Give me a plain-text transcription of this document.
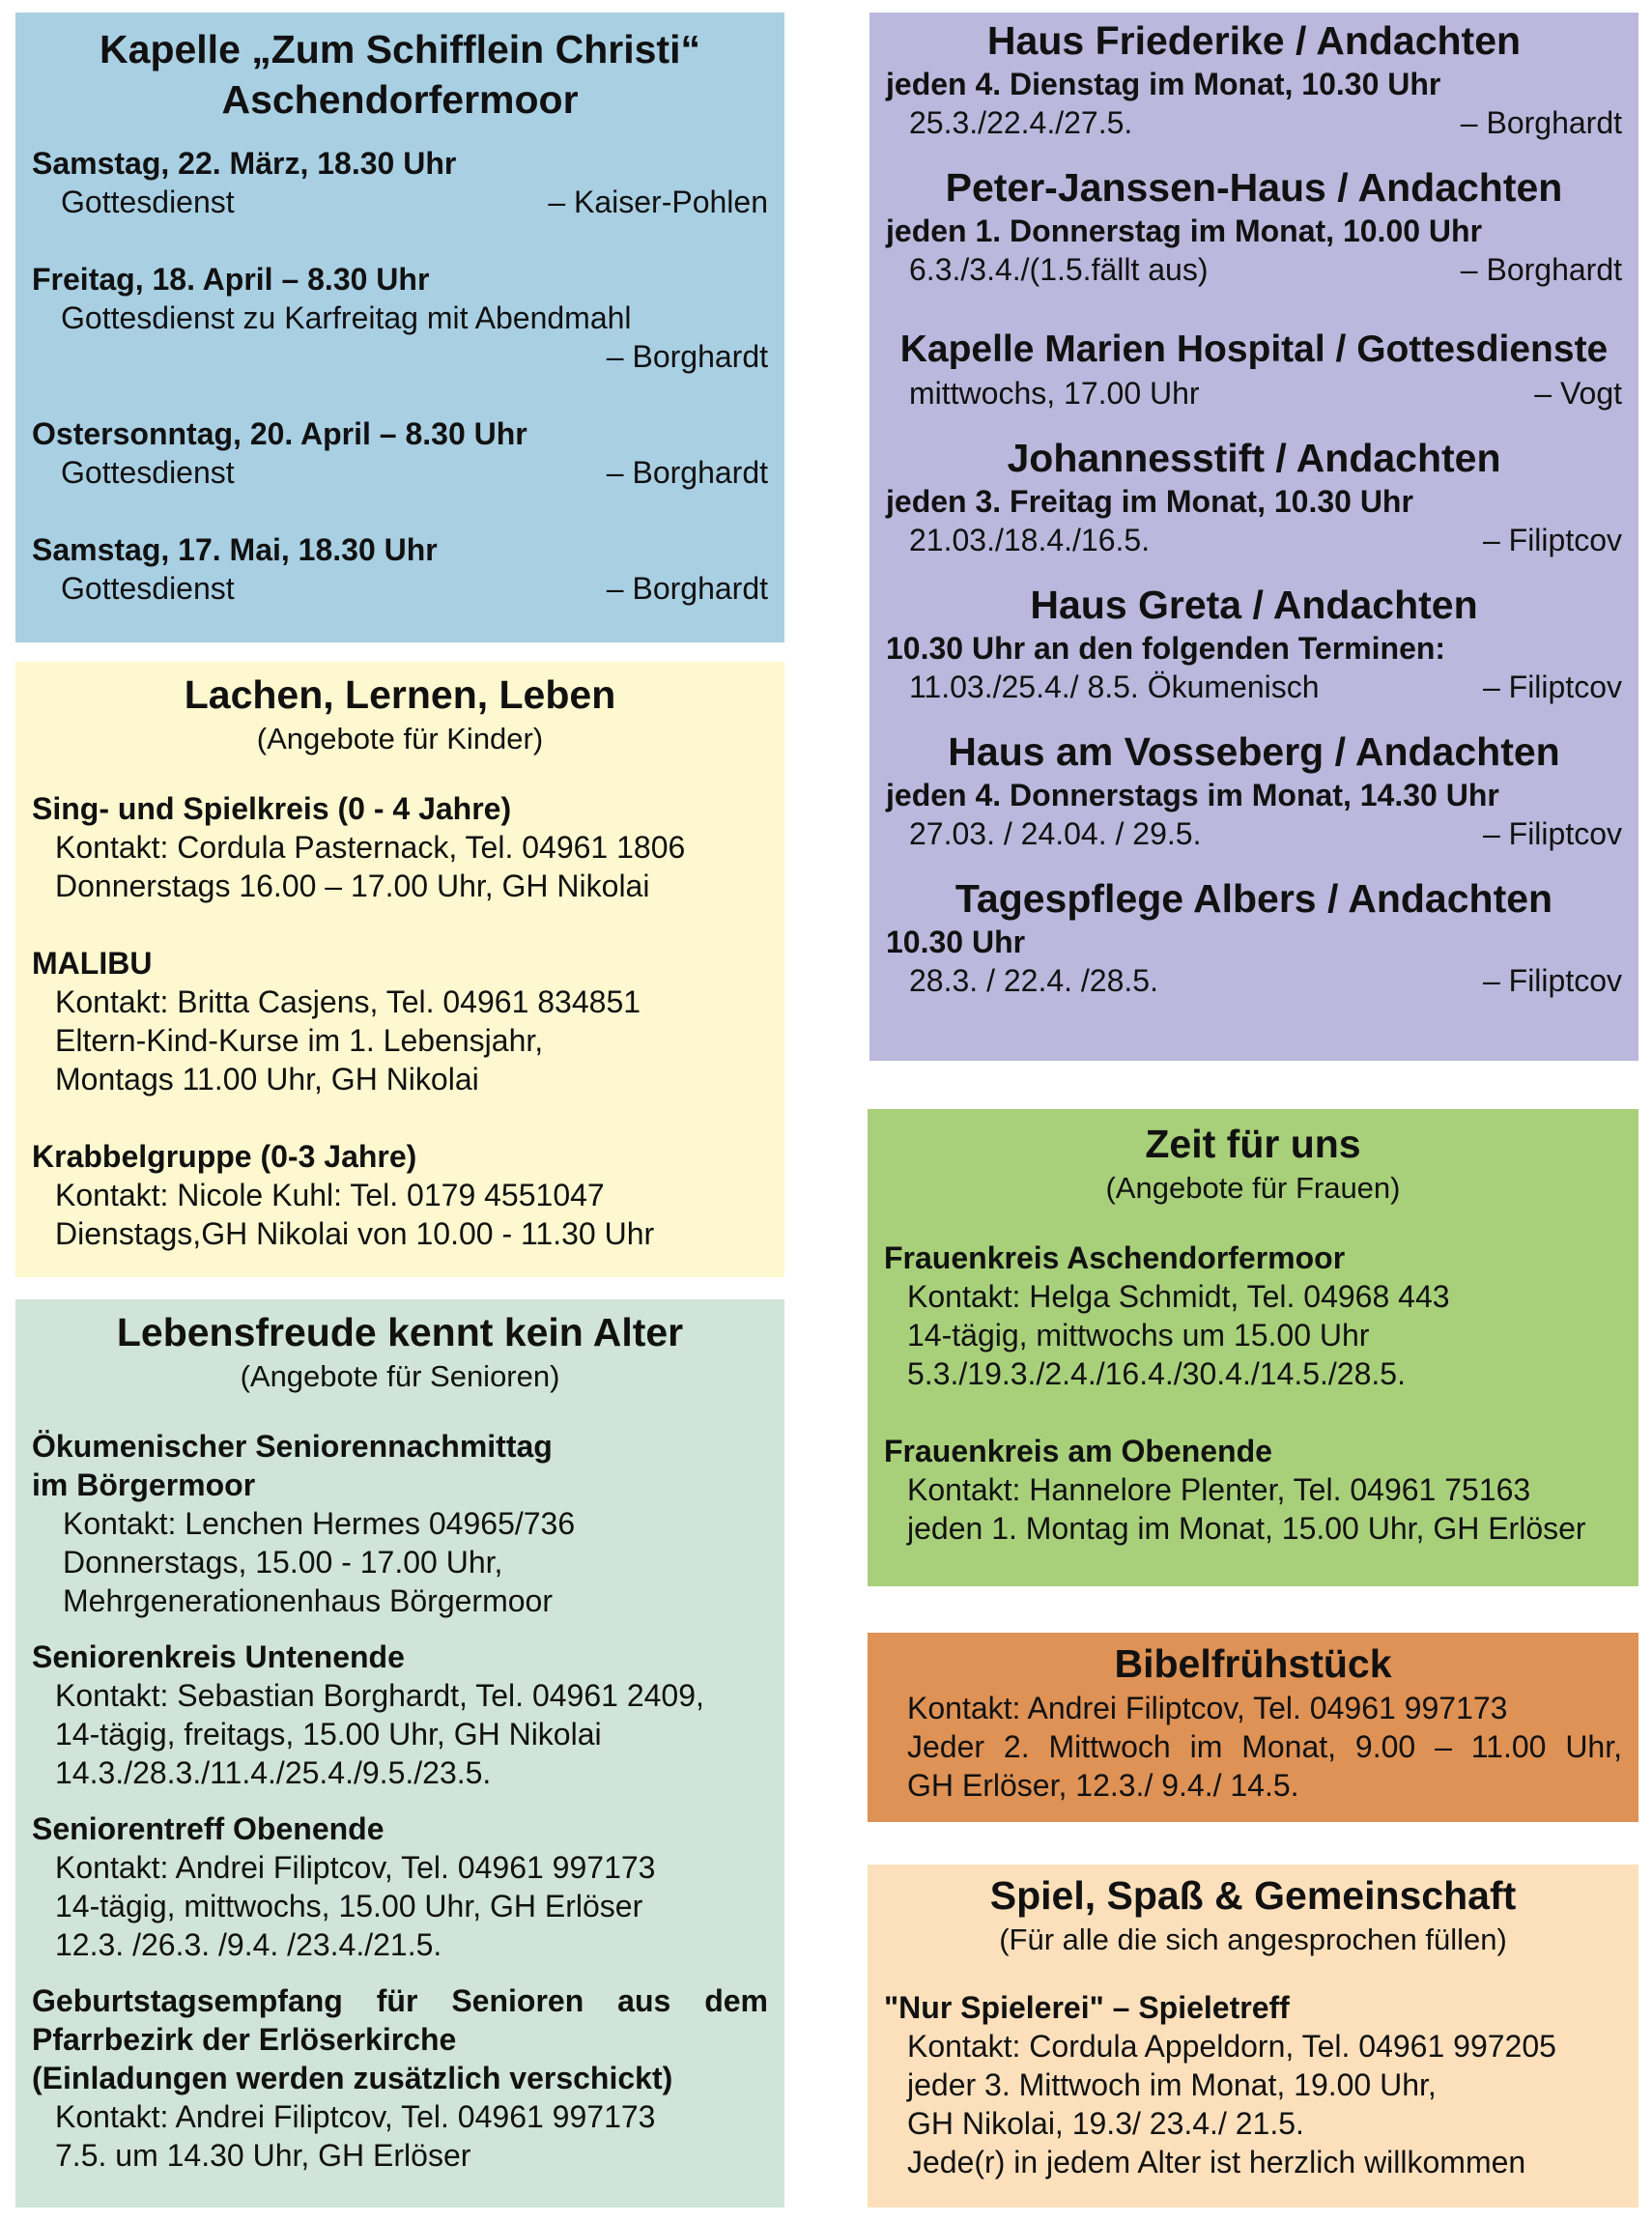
Kapelle „Zum Schifflein Christi“
Aschendorfermoor
Samstag, 22. März, 18.30 Uhr
Gottesdienst	– Kaiser-Pohlen
Freitag, 18. April – 8.30 Uhr
Gottesdienst zu Karfreitag mit Abendmahl
– Borghardt
Ostersonntag, 20. April – 8.30 Uhr
Gottesdienst	– Borghardt
Samstag, 17. Mai, 18.30 Uhr
Gottesdienst	– Borghardt
Lachen, Lernen, Leben
(Angebote für Kinder)
Sing- und Spielkreis (0 - 4 Jahre)
Kontakt: Cordula Pasternack, Tel. 04961 1806
Donnerstags 16.00 – 17.00 Uhr, GH Nikolai
MALIBU
Kontakt: Britta Casjens, Tel. 04961 834851
Eltern-Kind-Kurse im 1. Lebensjahr,
Montags 11.00 Uhr, GH Nikolai
Krabbelgruppe (0-3 Jahre)
Kontakt: Nicole Kuhl: Tel. 0179 4551047
Dienstags,GH Nikolai von 10.00 - 11.30 Uhr
Lebensfreude kennt kein Alter
(Angebote für Senioren)
Ökumenischer Seniorennachmittag
im Börgermoor
Kontakt: Lenchen Hermes 04965/736
Donnerstags, 15.00 - 17.00 Uhr,
Mehrgenerationenhaus Börgermoor
Seniorenkreis Untenende
Kontakt: Sebastian Borghardt, Tel. 04961 2409,
14-tägig, freitags, 15.00 Uhr, GH Nikolai
14.3./28.3./11.4./25.4./9.5./23.5.
Seniorentreff Obenende
Kontakt: Andrei Filiptcov, Tel. 04961 997173
14-tägig, mittwochs, 15.00 Uhr, GH Erlöser
12.3. /26.3. /9.4. /23.4./21.5.
Geburtstagsempfang für Senioren aus dem
Pfarrbezirk der Erlöserkirche
(Einladungen werden zusätzlich verschickt)
Kontakt: Andrei Filiptcov, Tel. 04961 997173
7.5. um 14.30 Uhr, GH Erlöser
Haus Friederike / Andachten
jeden 4. Dienstag im Monat, 10.30 Uhr
25.3./22.4./27.5.	– Borghardt
Peter-Janssen-Haus / Andachten
jeden 1. Donnerstag im Monat, 10.00 Uhr
6.3./3.4./(1.5.fällt aus)	– Borghardt
Kapelle Marien Hospital / Gottesdienste
mittwochs, 17.00 Uhr	– Vogt
Johannesstift / Andachten
jeden 3. Freitag im Monat, 10.30 Uhr
21.03./18.4./16.5.	– Filiptcov
Haus Greta / Andachten
10.30 Uhr an den folgenden Terminen:
11.03./25.4./ 8.5. Ökumenisch	– Filiptcov
Haus am Vosseberg / Andachten
jeden 4. Donnerstags im Monat, 14.30 Uhr
27.03. / 24.04. / 29.5.	– Filiptcov
Tagespflege Albers / Andachten
10.30 Uhr
28.3. / 22.4. /28.5.	– Filiptcov
Zeit für uns
(Angebote für Frauen)
Frauenkreis Aschendorfermoor
Kontakt: Helga Schmidt, Tel. 04968 443
14-tägig, mittwochs um 15.00 Uhr
5.3./19.3./2.4./16.4./30.4./14.5./28.5.
Frauenkreis am Obenende
Kontakt: Hannelore Plenter, Tel. 04961 75163
jeden 1. Montag im Monat, 15.00 Uhr, GH Erlöser
Bibelfrühstück
Kontakt: Andrei Filiptcov, Tel. 04961 997173
Jeder 2. Mittwoch im Monat, 9.00 – 11.00 Uhr,
GH Erlöser, 12.3./ 9.4./ 14.5.
Spiel, Spaß & Gemeinschaft
(Für alle die sich angesprochen füllen)
"Nur Spielerei" – Spieletreff
Kontakt: Cordula Appeldorn, Tel. 04961 997205
jeder 3. Mittwoch im Monat, 19.00 Uhr,
GH Nikolai, 19.3/ 23.4./ 21.5.
Jede(r) in jedem Alter ist herzlich willkommen
